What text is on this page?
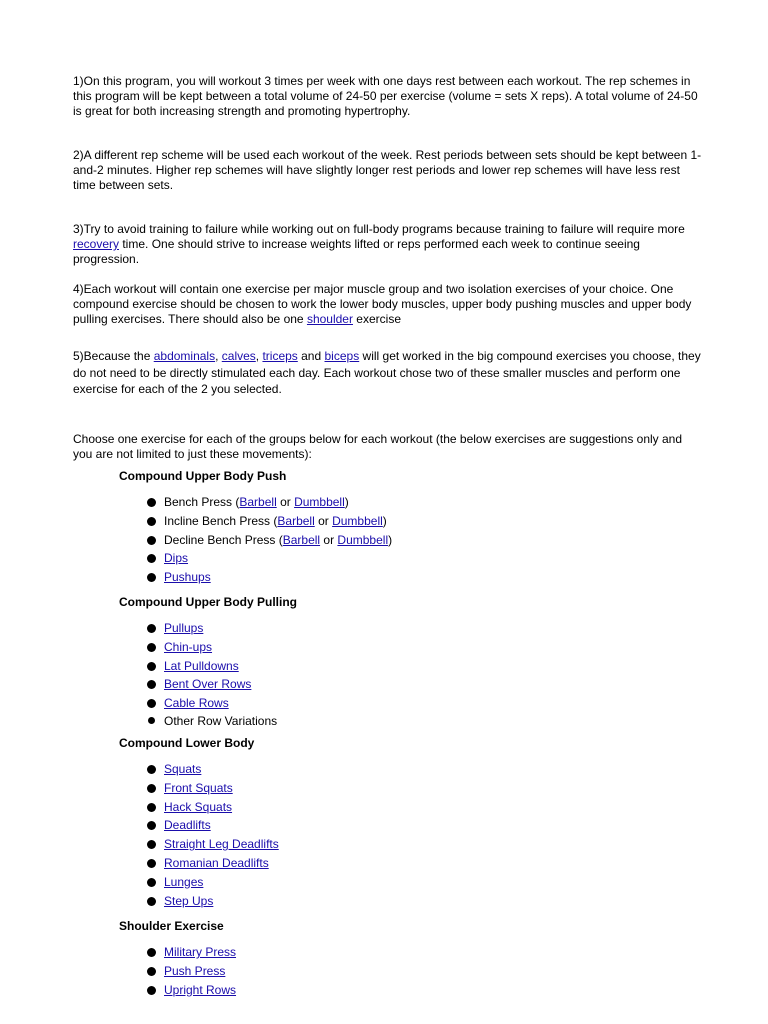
1)On this program, you will workout 3 times per week with one days rest between each workout. The rep schemes in this program will be kept between a total volume of 24-50 per exercise (volume = sets X reps). A total volume of 24-50 is great for both increasing strength and promoting hypertrophy.

2)A different rep scheme will be used each workout of the week. Rest periods between sets should be kept between 1-and-2 minutes. Higher rep schemes will have slightly longer rest periods and lower rep schemes will have less rest time between sets.

3)Try to avoid training to failure while working out on full-body programs because training to failure will require more recovery time. One should strive to increase weights lifted or reps performed each week to continue seeing progression.

4)Each workout will contain one exercise per major muscle group and two isolation exercises of your choice. One compound exercise should be chosen to work the lower body muscles, upper body pushing muscles and upper body pulling exercises. There should also be one shoulder exercise

5)Because the abdominals, calves, triceps and biceps will get worked in the big compound exercises you choose, they do not need to be directly stimulated each day. Each workout chose two of these smaller muscles and perform one exercise for each of the 2 you selected.

Choose one exercise for each of the groups below for each workout (the below exercises are suggestions only and you are not limited to just these movements):

Compound Upper Body Push
Bench Press (Barbell or Dumbbell)
Incline Bench Press (Barbell or Dumbbell)
Decline Bench Press (Barbell or Dumbbell)
Dips
Pushups
Compound Upper Body Pulling
Pullups
Chin-ups
Lat Pulldowns
Bent Over Rows
Cable Rows
Other Row Variations
Compound Lower Body
Squats
Front Squats
Hack Squats
Deadlifts
Straight Leg Deadlifts
Romanian Deadlifts
Lunges
Step Ups
Shoulder Exercise
Military Press
Push Press
Upright Rows
